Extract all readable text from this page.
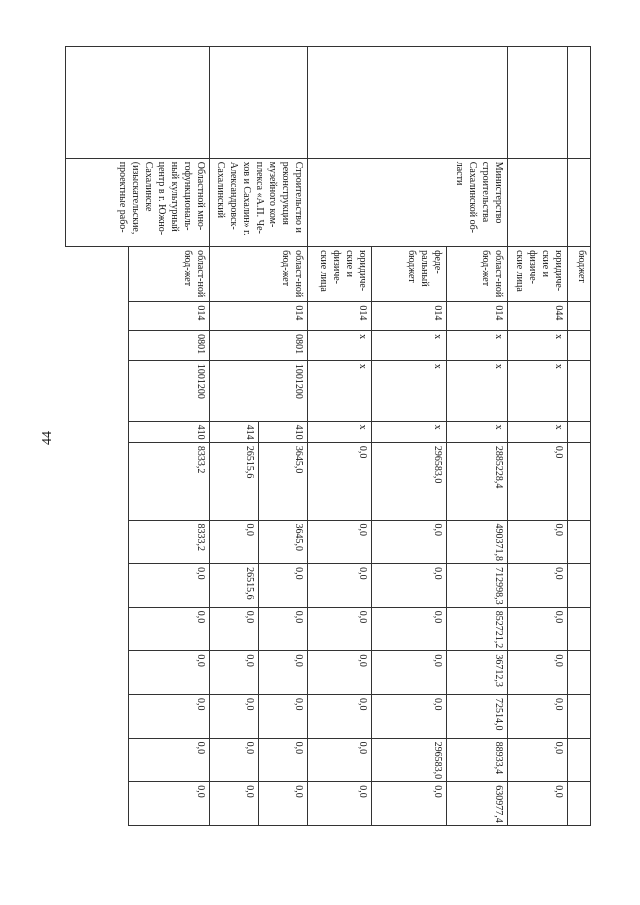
44
		бюджет												
		юридиче-ские и физиче-ские лица	044	х	х	х	0,0	0,0	0,0	0,0	0,0	0,0	0,0	0,0
	Министерство строительства Сахалинской об-ласти	област-ной бюд-жет	014	х	х	х	2885228,4	490371,8	712998,3	852721,2	36712,3	72514,0	88933,4	630977,4
		феде-ральный бюджет	014	х	х	х	296583,0	0,0	0,0	0,0	0,0	0,0	296583,0	0,0
		юридиче-ские и физиче-ские лица	014	х	х	х	0,0	0,0	0,0	0,0	0,0	0,0	0,0	0,0
	Строительство и реконструкция музейного ком-плекса «А.П. Че-хов и Сахалин» г. Александровск-Сахалинский	област-ной бюд-жет	014	0801	1001200	410	3645,0	3645,0	0,0	0,0	0,0	0,0	0,0	0,0
						414	26515,6	0,0	26515,6	0,0	0,0	0,0	0,0	0,0
	Областной мно-гофункциональ-ный культурный центр в г. Южно-Сахалинске (изыскательские, проектные рабо-	област-ной бюд-жет	014	0801	1001200	410	8333,2	8333,2	0,0	0,0	0,0	0,0	0,0	0,0
